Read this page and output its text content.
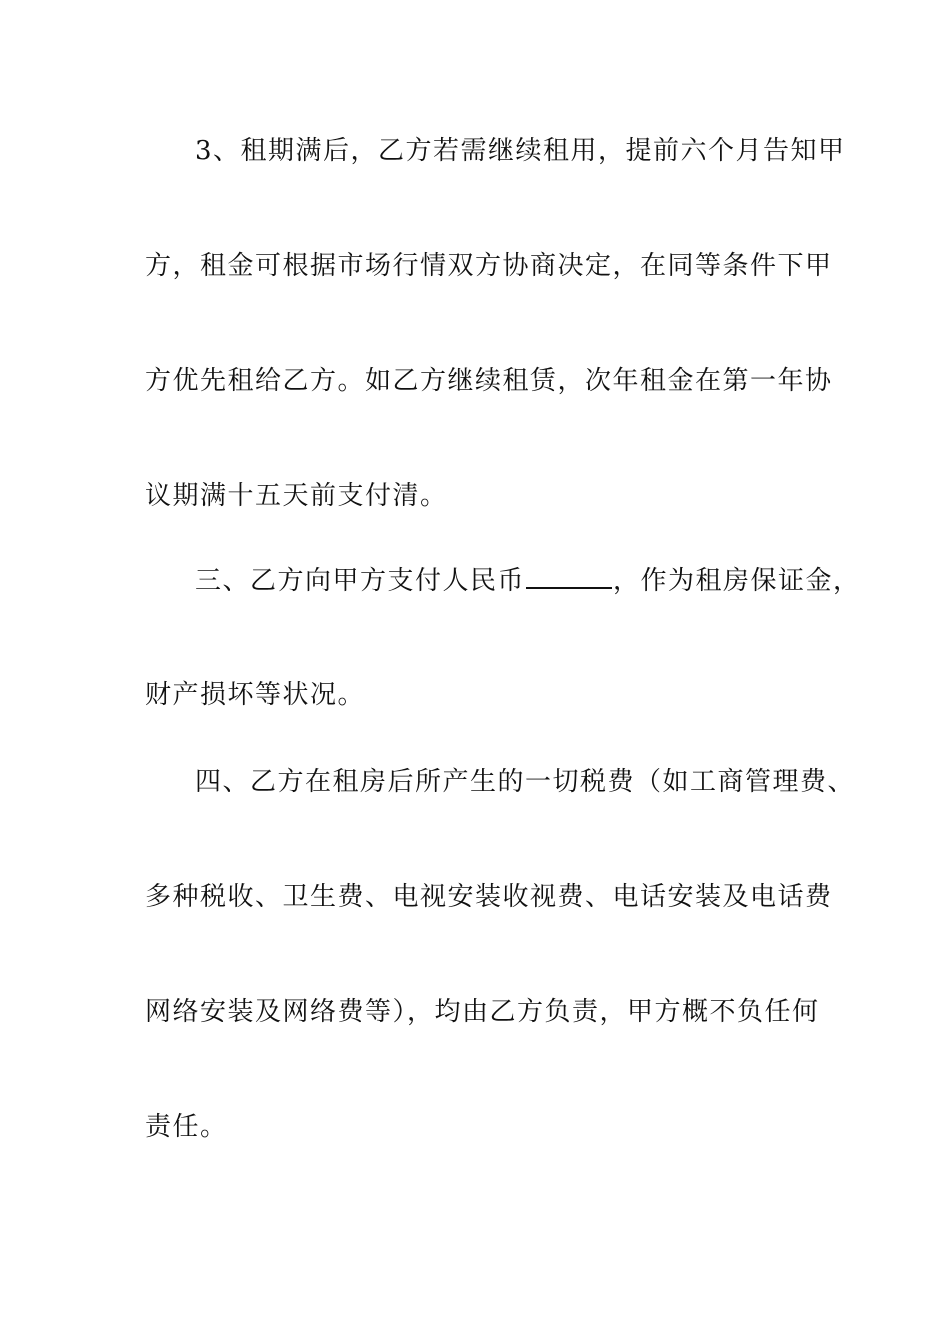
3、租期满后，乙方若需继续租用，提前六个月告知甲
方，租金可根据市场行情双方协商决定，在同等条件下甲
方优先租给乙方。如乙方继续租赁，次年租金在第一年协
议期满十五天前支付清。
三、乙方向甲方支付人民币	，作为租房保证金，
财产损坏等状况。
四、乙方在租房后所产生的一切税费（如工商管理费、
多种税收、卫生费、电视安装收视费、电话安装及电话费
网络安装及网络费等），均由乙方负责，甲方概不负任何
责任。
